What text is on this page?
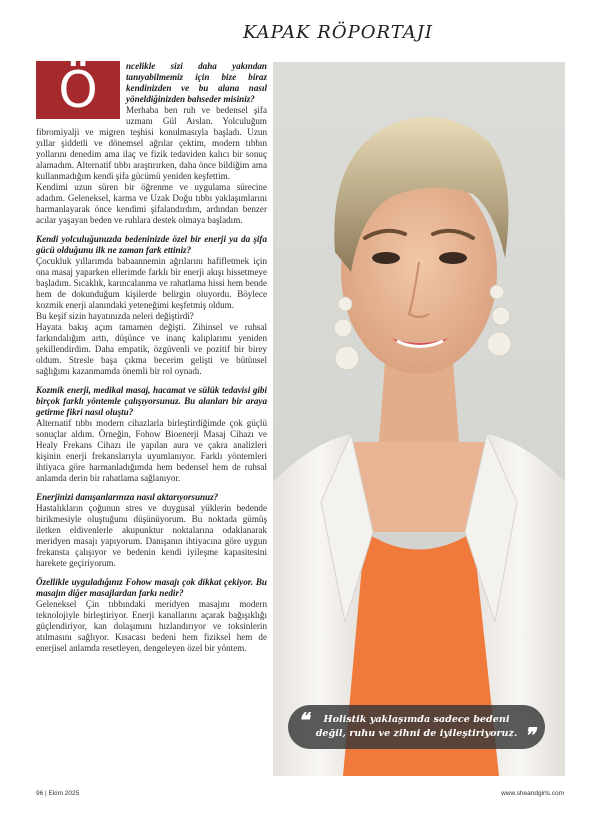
KAPAK RÖPORTAJI
Ö	ncelikle sizi daha yakından tanıyabilmemiz için bize biraz kendinizden ve bu alana nasıl yöneldiğinizden bahseder misiniz?

Merhaba ben ruh ve bedensel şifa uzmanı Gül Arslan. Yolculuğum fibromiyalji ve migren teşhisi konulmasıyla başladı. Uzun yıllar şiddetli ve dönemsel ağrılar çektim, modern tıbbın yollarını denedim ama ilaç ve fizik tedaviden kalıcı bir sonuç alamadım. Alternatif tıbbı araştırırken, daha önce bildiğim ama kullanmadığım kendi şifa gücümü yeniden keşfettim.

Kendimi uzun süren bir öğrenme ve uygulama sürecine adadım. Geleneksel, karma ve Uzak Doğu tıbbı yaklaşımlarını harmanlayarak önce kendimi şifalandırdım, ardından benzer acılar yaşayan beden ve ruhlara destek olmaya başladım.

Kendi yolculuğunuzda bedeninizde özel bir enerji ya da şifa gücü olduğunu ilk ne zaman fark ettiniz?

Çocukluk yıllarımda babaannemin ağrılarını hafifletmek için ona masaj yaparken ellerimde farklı bir enerji akışı hissetmeye başladım. Sıcaklık, karıncalanma ve rahatlama hissi hem bende hem de dokunduğum kişilerde belirgin oluyordu. Böylece kozmik enerji alanındaki yeteneğimi keşfetmiş oldum.

Bu keşif sizin hayatınızda neleri değiştirdi?

Hayata bakış açım tamamen değişti. Zihinsel ve ruhsal farkındalığım arttı, düşünce ve inanç kalıplarımı yeniden şekillendirdim. Daha empatik, özgüvenli ve pozitif bir birey oldum. Stresle başa çıkma becerim gelişti ve bütünsel sağlığımı kazanmamda önemli bir rol oynadı.

Kozmik enerji, medikal masaj, hacamat ve sülük tedavisi gibi birçok farklı yöntemle çalışıyorsunuz. Bu alanları bir araya getirme fikri nasıl oluştu?

Alternatif tıbbı modern cihazlarla birleştirdiğimde çok güçlü sonuçlar aldım. Örneğin, Fohow Bioenerji Masaj Cihazı ve Healy Frekans Cihazı ile yapılan aura ve çakra analizleri kişinin enerji frekanslarıyla uyumlanıyor. Farklı yöntemleri ihtiyaca göre harmanladığımda hem bedensel hem de ruhsal anlamda derin bir rahatlama sağlanıyor.

Enerjinizi danışanlarınıza nasıl aktarıyorsunuz?

Hastalıkların çoğunun stres ve duygusal yüklerin bedende birikmesiyle oluştuğunu düşünüyorum. Bu noktada gümüş iletken eldivenlerle akupunktur noktalarına odaklanarak meridyen masajı yapıyorum. Danışanın ihtiyacına göre uygun frekansta çalışıyor ve bedenin kendi iyileşme kapasitesini harekete geçiriyorum.

Özellikle uyguladığınız Fohow masajı çok dikkat çekiyor. Bu masajın diğer masajlardan farkı nedir?

Geleneksel Çin tıbbındaki meridyen masajını modern teknolojiyle birleştiriyor. Enerji kanallarını açarak bağışıklığı güçlendiriyor, kan dolaşımını hızlandırıyor ve toksinlerin atılmasını sağlıyor. Kısacası bedeni hem fiziksel hem de enerjisel anlamda resetleyen, dengeleyen özel bir yöntem.

❝ Holistik yaklaşımda sadece bedeni değil, ruhu ve zihni de iyileştiriyoruz. ❞
96 | Ekim 2025	www.sheandgirls.com
